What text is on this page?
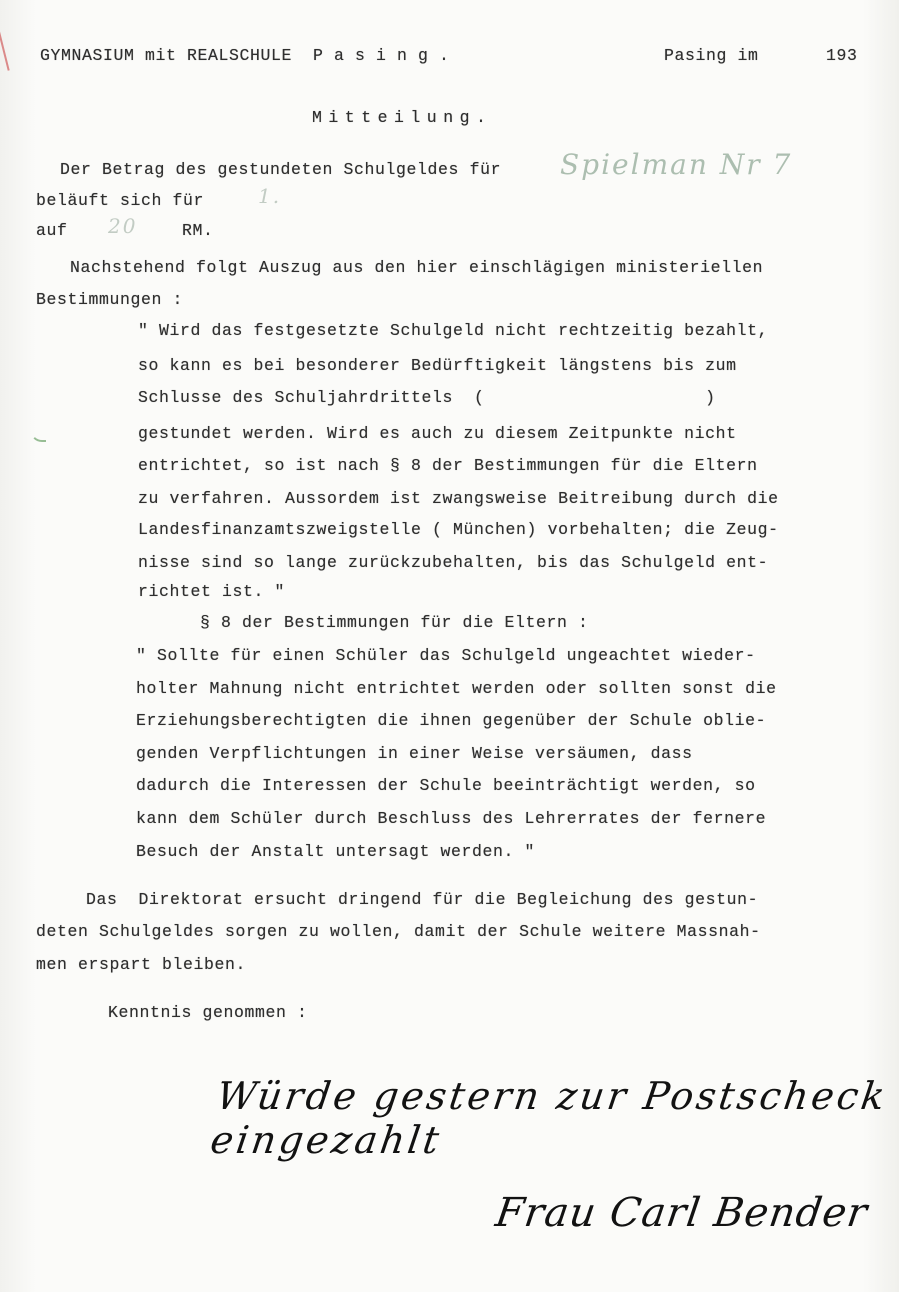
GYMNASIUM mit REALSCHULE  P a s i n g .	Pasing im	193
Mitteilung.
Der Betrag des gestundeten Schulgeldes für Spielman Nr 7
beläuft sich für	1.
auf 20	RM.
Nachstehend folgt Auszug aus den hier einschlägigen ministeriellen
Bestimmungen :
" Wird das festgesetzte Schulgeld nicht rechtzeitig bezahlt,
so kann es bei besonderer Bedürftigkeit längstens bis zum
Schlusse des Schuljahrdrittels  (                     )
gestundet werden. Wird es auch zu diesem Zeitpunkte nicht
entrichtet, so ist nach § 8 der Bestimmungen für die Eltern
zu verfahren. Aussordem ist zwangsweise Beitreibung durch die
Landesfinanzamtszweigstelle ( München) vorbehalten; die Zeug-
nisse sind so lange zurückzubehalten, bis das Schulgeld ent-
richtet ist. "
§ 8 der Bestimmungen für die Eltern :
" Sollte für einen Schüler das Schulgeld ungeachtet wieder-
holter Mahnung nicht entrichtet werden oder sollten sonst die
Erziehungsberechtigten die ihnen gegenüber der Schule oblie-
genden Verpflichtungen in einer Weise versäumen, dass
dadurch die Interessen der Schule beeinträchtigt werden, so
kann dem Schüler durch Beschluss des Lehrerrates der fernere
Besuch der Anstalt untersagt werden. "
Das  Direktorat ersucht dringend für die Begleichung des gestun-
deten Schulgeldes sorgen zu wollen, damit der Schule weitere Massnah-
men erspart bleiben.
Kenntnis genommen :
Würde gestern zur Postscheck eingezahlt
Frau Carl Bender
